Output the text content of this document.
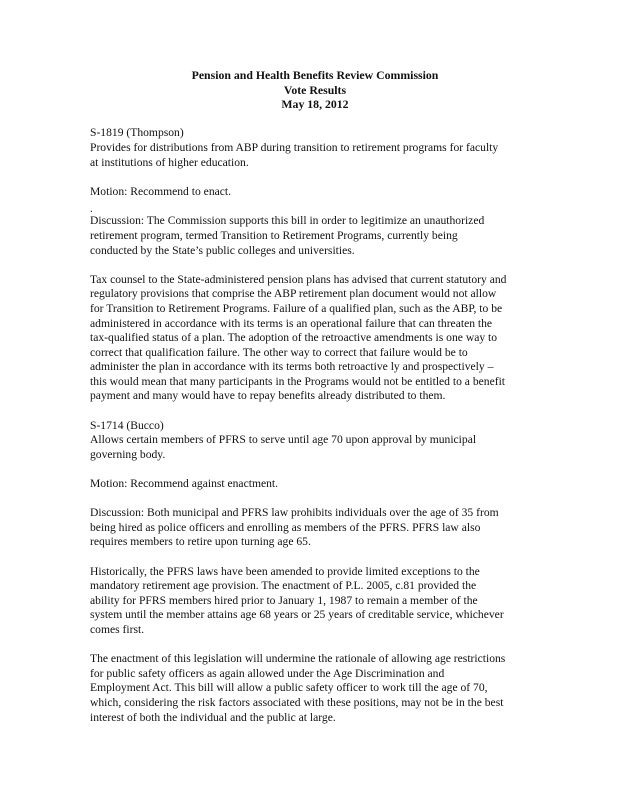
Pension and Health Benefits Review Commission
Vote Results
May 18, 2012
S-1819 (Thompson)
Provides for distributions from ABP during transition to retirement programs for faculty
at institutions of higher education.
Motion: Recommend to enact.
.
Discussion: The Commission supports this bill in order to legitimize an unauthorized
retirement program, termed Transition to Retirement Programs, currently being
conducted by the State’s public colleges and universities.
Tax counsel to the State-administered pension plans has advised that current statutory and
regulatory provisions that comprise the ABP retirement plan document would not allow
for Transition to Retirement Programs. Failure of a qualified plan, such as the ABP, to be
administered in accordance with its terms is an operational failure that can threaten the
tax-qualified status of a plan. The adoption of the retroactive amendments is one way to
correct that qualification failure. The other way to correct that failure would be to
administer the plan in accordance with its terms both retroactive ly and prospectively –
this would mean that many participants in the Programs would not be entitled to a benefit
payment and many would have to repay benefits already distributed to them.
S-1714 (Bucco)
Allows certain members of PFRS to serve until age 70 upon approval by municipal
governing body.
Motion: Recommend against enactment.
Discussion: Both municipal and PFRS law prohibits individuals over the age of 35 from
being hired as police officers and enrolling as members of the PFRS. PFRS law also
requires members to retire upon turning age 65.
Historically, the PFRS laws have been amended to provide limited exceptions to the
mandatory retirement age provision. The enactment of P.L. 2005, c.81 provided the
ability for PFRS members hired prior to January 1, 1987 to remain a member of the
system until the member attains age 68 years or 25 years of creditable service, whichever
comes first.
The enactment of this legislation will undermine the rationale of allowing age restrictions
for public safety officers as again allowed under the Age Discrimination and
Employment Act. This bill will allow a public safety officer to work till the age of 70,
which, considering the risk factors associated with these positions, may not be in the best
interest of both the individual and the public at large.
